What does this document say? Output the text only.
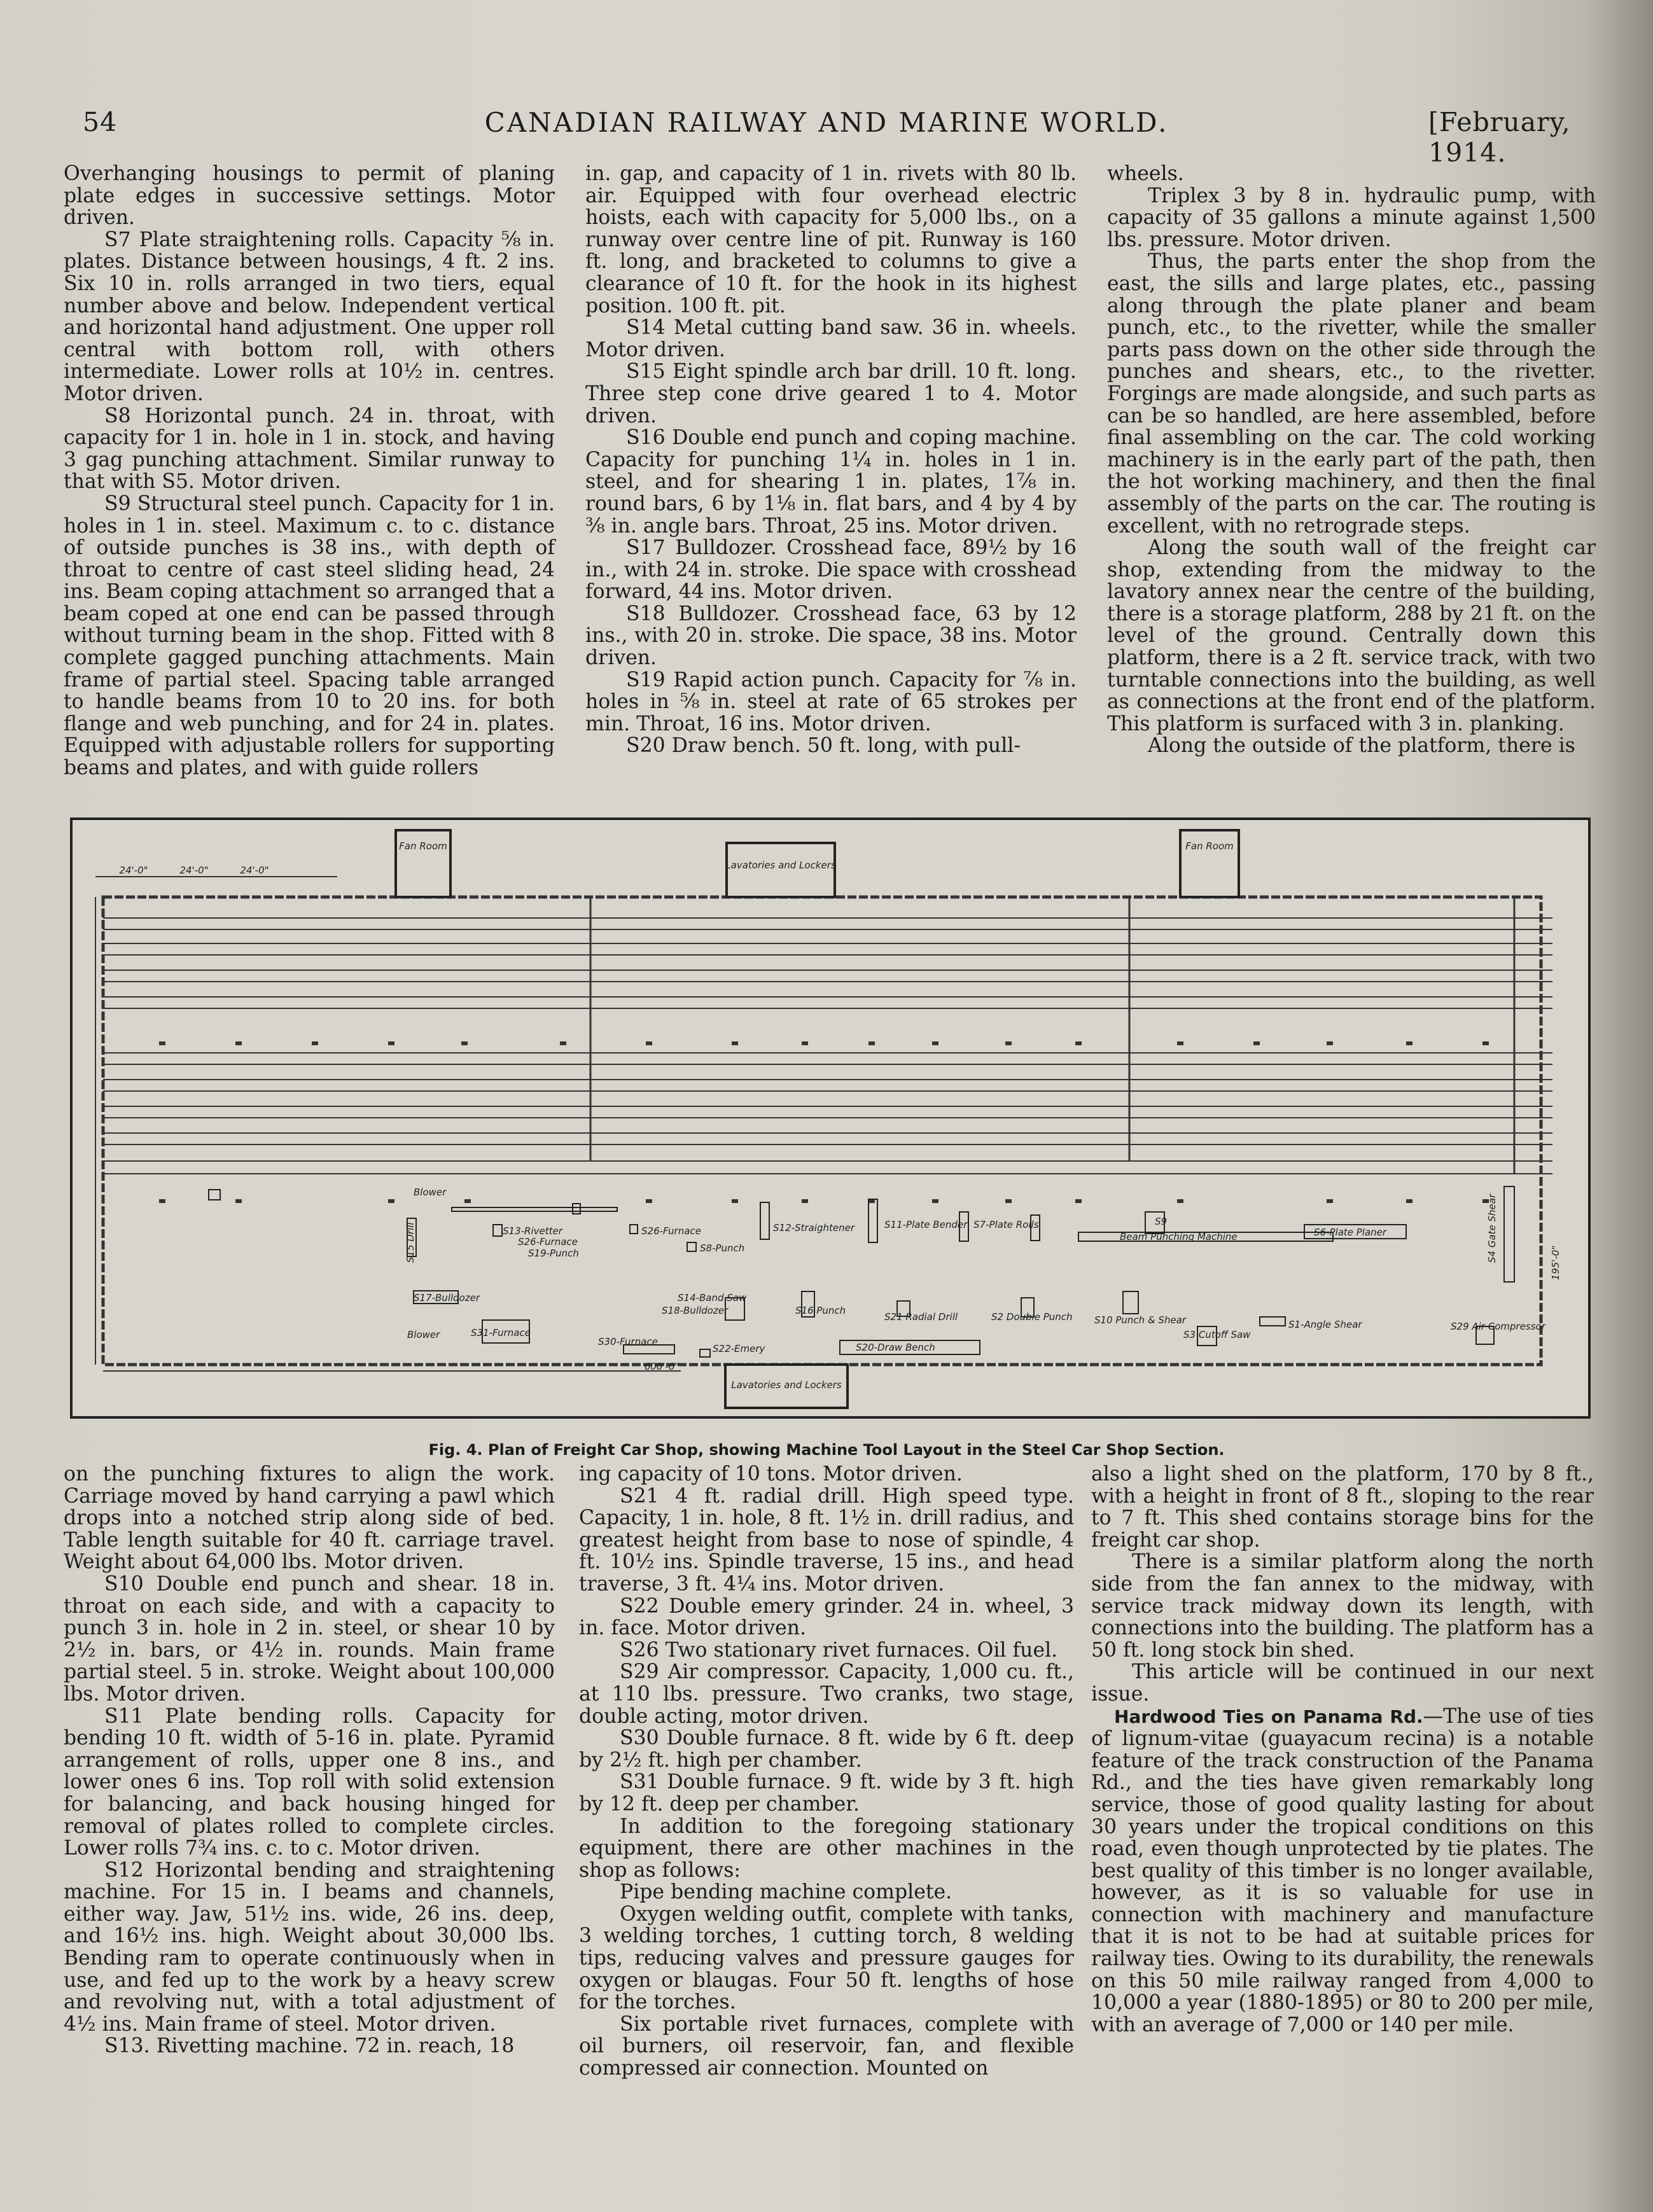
54	CANADIAN RAILWAY AND MARINE WORLD.	[February, 1914.

Overhanging housings to permit of planing plate edges in successive settings. Motor driven.

S7 Plate straightening rolls. Capacity ⅝ in. plates. Distance between housings, 4 ft. 2 ins. Six 10 in. rolls arranged in two tiers, equal number above and below. Independent vertical and horizontal hand adjustment. One upper roll central with bottom roll, with others intermediate. Lower rolls at 10½ in. centres. Motor driven.

S8 Horizontal punch. 24 in. throat, with capacity for 1 in. hole in 1 in. stock, and having 3 gag punching attachment. Similar runway to that with S5. Motor driven.

S9 Structural steel punch. Capacity for 1 in. holes in 1 in. steel. Maximum c. to c. distance of outside punches is 38 ins., with depth of throat to centre of cast steel sliding head, 24 ins. Beam coping attachment so arranged that a beam coped at one end can be passed through without turning beam in the shop. Fitted with 8 complete gagged punching attachments. Main frame of partial steel. Spacing table arranged to handle beams from 10 to 20 ins. for both flange and web punching, and for 24 in. plates. Equipped with adjustable rollers for supporting beams and plates, and with guide rollers

in. gap, and capacity of 1 in. rivets with 80 lb. air. Equipped with four overhead electric hoists, each with capacity for 5,000 lbs., on a runway over centre line of pit. Runway is 160 ft. long, and bracketed to columns to give a clearance of 10 ft. for the hook in its highest position. 100 ft. pit.

S14 Metal cutting band saw. 36 in. wheels. Motor driven.

S15 Eight spindle arch bar drill. 10 ft. long. Three step cone drive geared 1 to 4. Motor driven.

S16 Double end punch and coping machine. Capacity for punching 1¼ in. holes in 1 in. steel, and for shearing 1 in. plates, 1⅞ in. round bars, 6 by 1⅛ in. flat bars, and 4 by 4 by ⅜ in. angle bars. Throat, 25 ins. Motor driven.

S17 Bulldozer. Crosshead face, 89½ by 16 in., with 24 in. stroke. Die space with crosshead forward, 44 ins. Motor driven.

S18 Bulldozer. Crosshead face, 63 by 12 ins., with 20 in. stroke. Die space, 38 ins. Motor driven.

S19 Rapid action punch. Capacity for ⅞ in. holes in ⅝ in. steel at rate of 65 strokes per min. Throat, 16 ins. Motor driven.

S20 Draw bench. 50 ft. long, with pull-

wheels.

Triplex 3 by 8 in. hydraulic pump, with capacity of 35 gallons a minute against 1,500 lbs. pressure. Motor driven.

Thus, the parts enter the shop from the east, the sills and large plates, etc., passing along through the plate planer and beam punch, etc., to the rivetter, while the smaller parts pass down on the other side through the punches and shears, etc., to the rivetter. Forgings are made alongside, and such parts as can be so handled, are here assembled, before final assembling on the car. The cold working machinery is in the early part of the path, then the hot working machinery, and then the final assembly of the parts on the car. The routing is excellent, with no retrograde steps.

Along the south wall of the freight car shop, extending from the midway to the lavatory annex near the centre of the building, there is a storage platform, 288 by 21 ft. on the level of the ground. Centrally down this platform, there is a 2 ft. service track, with two turntable connections into the building, as well as connections at the front end of the platform. This platform is surfaced with 3 in. planking.

Along the outside of the platform, there is

Fan Room
Lavatories and Lockers
Fan Room
Lavatories and Lockers
24'-0"	24'-0"	24'-0"
600'-0"
195'-0"
Blower
S13-Rivetter
S26-Furnace
S26-Furnace
S19-Punch	S8-Punch
S12-Straightener	S11-Plate Bender S7-Plate Rolls	S9
Beam Punching Machine	S6-Plate Planer	S4 Gate Shear
S15 Drill
S17-Bulldozer
Blower	S31-Furnace
S30-Furnace
S22-Emery	S20-Draw Bench
S14-Band Saw
S18-Bulldozer	S16 Punch
S21 Radial Drill	S2 Double Punch S10 Punch & Shear
S3 Cutoff Saw
S1-Angle Shear	S29 Air Compressor
Fig. 4. Plan of Freight Car Shop, showing Machine Tool Layout in the Steel Car Shop Section.

on the punching fixtures to align the work. Carriage moved by hand carrying a pawl which drops into a notched strip along side of bed. Table length suitable for 40 ft. carriage travel. Weight about 64,000 lbs. Motor driven.

S10 Double end punch and shear. 18 in. throat on each side, and with a capacity to punch 3 in. hole in 2 in. steel, or shear 10 by 2½ in. bars, or 4½ in. rounds. Main frame partial steel. 5 in. stroke. Weight about 100,000 lbs. Motor driven.

S11 Plate bending rolls. Capacity for bending 10 ft. width of 5-16 in. plate. Pyramid arrangement of rolls, upper one 8 ins., and lower ones 6 ins. Top roll with solid extension for balancing, and back housing hinged for removal of plates rolled to complete circles. Lower rolls 7¾ ins. c. to c. Motor driven.

S12 Horizontal bending and straightening machine. For 15 in. I beams and channels, either way. Jaw, 51½ ins. wide, 26 ins. deep, and 16½ ins. high. Weight about 30,000 lbs. Bending ram to operate continuously when in use, and fed up to the work by a heavy screw and revolving nut, with a total adjustment of 4½ ins. Main frame of steel. Motor driven.

S13. Rivetting machine. 72 in. reach, 18

ing capacity of 10 tons. Motor driven.

S21 4 ft. radial drill. High speed type. Capacity, 1 in. hole, 8 ft. 1½ in. drill radius, and greatest height from base to nose of spindle, 4 ft. 10½ ins. Spindle traverse, 15 ins., and head traverse, 3 ft. 4¼ ins. Motor driven.

S22 Double emery grinder. 24 in. wheel, 3 in. face. Motor driven.

S26 Two stationary rivet furnaces. Oil fuel.

S29 Air compressor. Capacity, 1,000 cu. ft., at 110 lbs. pressure. Two cranks, two stage, double acting, motor driven.

S30 Double furnace. 8 ft. wide by 6 ft. deep by 2½ ft. high per chamber.

S31 Double furnace. 9 ft. wide by 3 ft. high by 12 ft. deep per chamber.

In addition to the foregoing stationary equipment, there are other machines in the shop as follows:

Pipe bending machine complete.

Oxygen welding outfit, complete with tanks, 3 welding torches, 1 cutting torch, 8 welding tips, reducing valves and pressure gauges for oxygen or blaugas. Four 50 ft. lengths of hose for the torches.

Six portable rivet furnaces, complete with oil burners, oil reservoir, fan, and flexible compressed air connection. Mounted on

also a light shed on the platform, 170 by 8 ft., with a height in front of 8 ft., sloping to the rear to 7 ft. This shed contains storage bins for the freight car shop.

There is a similar platform along the north side from the fan annex to the midway, with service track midway down its length, with connections into the building. The platform has a 50 ft. long stock bin shed.

This article will be continued in our next issue.

Hardwood Ties on Panama Rd.—The use of ties of lignum-vitae (guayacum recina) is a notable feature of the track construction of the Panama Rd., and the ties have given remarkably long service, those of good quality lasting for about 30 years under the tropical conditions on this road, even though unprotected by tie plates. The best quality of this timber is no longer available, however, as it is so valuable for use in connection with machinery and manufacture that it is not to be had at suitable prices for railway ties. Owing to its durability, the renewals on this 50 mile railway ranged from 4,000 to 10,000 a year (1880-1895) or 80 to 200 per mile, with an average of 7,000 or 140 per mile.
